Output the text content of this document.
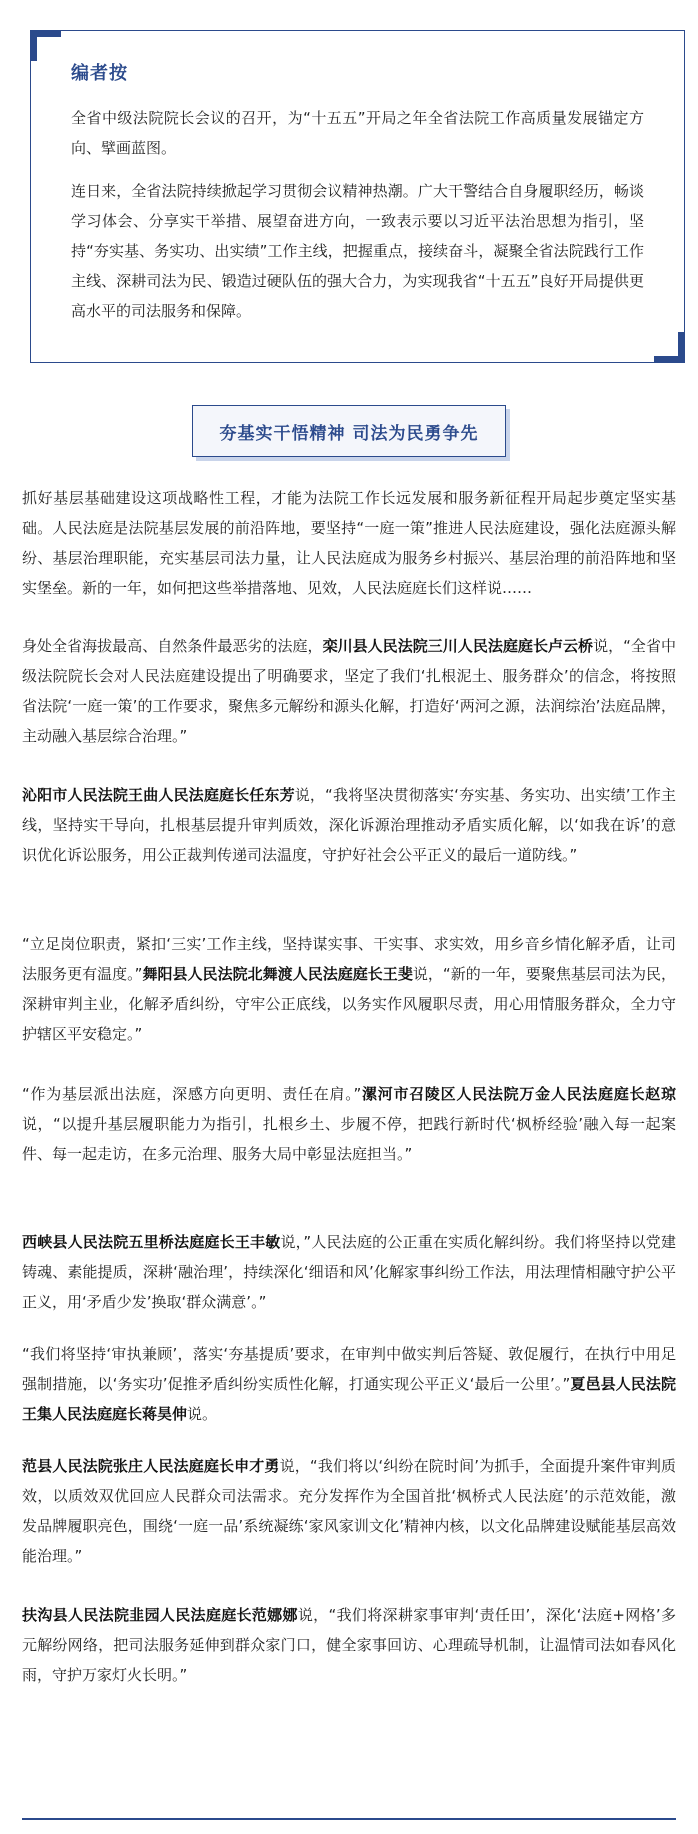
编者按

全省中级法院院长会议的召开，为“十五五”开局之年全省法院工作高质量发展锚定方向、擘画蓝图。

连日来，全省法院持续掀起学习贯彻会议精神热潮。广大干警结合自身履职经历，畅谈学习体会、分享实干举措、展望奋进方向，一致表示要以习近平法治思想为指引，坚持“夯实基、务实功、出实绩”工作主线，把握重点，接续奋斗，凝聚全省法院践行工作主线、深耕司法为民、锻造过硬队伍的强大合力，为实现我省“十五五”良好开局提供更高水平的司法服务和保障。

夯基实干悟精神 司法为民勇争先

抓好基层基础建设这项战略性工程，才能为法院工作长远发展和服务新征程开局起步奠定坚实基础。人民法庭是法院基层发展的前沿阵地，要坚持“一庭一策”推进人民法庭建设，强化法庭源头解纷、基层治理职能，充实基层司法力量，让人民法庭成为服务乡村振兴、基层治理的前沿阵地和坚实堡垒。新的一年，如何把这些举措落地、见效，人民法庭庭长们这样说……

身处全省海拔最高、自然条件最恶劣的法庭，栾川县人民法院三川人民法庭庭长卢云桥说，“全省中级法院院长会对人民法庭建设提出了明确要求，坚定了我们‘扎根泥土、服务群众’的信念，将按照省法院‘一庭一策’的工作要求，聚焦多元解纷和源头化解，打造好‘两河之源，法润综治’法庭品牌，主动融入基层综合治理。”

沁阳市人民法院王曲人民法庭庭长任东芳说，“我将坚决贯彻落实‘夯实基、务实功、出实绩’工作主线，坚持实干导向，扎根基层提升审判质效，深化诉源治理推动矛盾实质化解，以‘如我在诉’的意识优化诉讼服务，用公正裁判传递司法温度，守护好社会公平正义的最后一道防线。”

“立足岗位职责，紧扣‘三实’工作主线，坚持谋实事、干实事、求实效，用乡音乡情化解矛盾，让司法服务更有温度。”舞阳县人民法院北舞渡人民法庭庭长王斐说，“新的一年，要聚焦基层司法为民，深耕审判主业，化解矛盾纠纷，守牢公正底线，以务实作风履职尽责，用心用情服务群众，全力守护辖区平安稳定。”

“作为基层派出法庭，深感方向更明、责任在肩。”漯河市召陵区人民法院万金人民法庭庭长赵琼说，“以提升基层履职能力为指引，扎根乡土、步履不停，把践行新时代‘枫桥经验’融入每一起案件、每一起走访，在多元治理、服务大局中彰显法庭担当。”

西峡县人民法院五里桥法庭庭长王丰敏说，”人民法庭的公正重在实质化解纠纷。我们将坚持以党建铸魂、素能提质，深耕‘融治理’，持续深化‘细语和风’化解家事纠纷工作法，用法理情相融守护公平正义，用‘矛盾少发’换取‘群众满意’。”

“我们将坚持‘审执兼顾’，落实‘夯基提质’要求，在审判中做实判后答疑、敦促履行，在执行中用足强制措施，以‘务实功’促推矛盾纠纷实质性化解，打通实现公平正义‘最后一公里’。”夏邑县人民法院王集人民法庭庭长蒋昊伸说。

范县人民法院张庄人民法庭庭长申才勇说，“我们将以‘纠纷在院时间’为抓手，全面提升案件审判质效，以质效双优回应人民群众司法需求。充分发挥作为全国首批‘枫桥式人民法庭’的示范效能，激发品牌履职亮色，围绕‘一庭一品’系统凝练‘家风家训文化’精神内核，以文化品牌建设赋能基层高效能治理。”

扶沟县人民法院韭园人民法庭庭长范娜娜说，“我们将深耕家事审判‘责任田’，深化‘法庭+网格’多元解纷网络，把司法服务延伸到群众家门口，健全家事回访、心理疏导机制，让温情司法如春风化雨，守护万家灯火长明。”
